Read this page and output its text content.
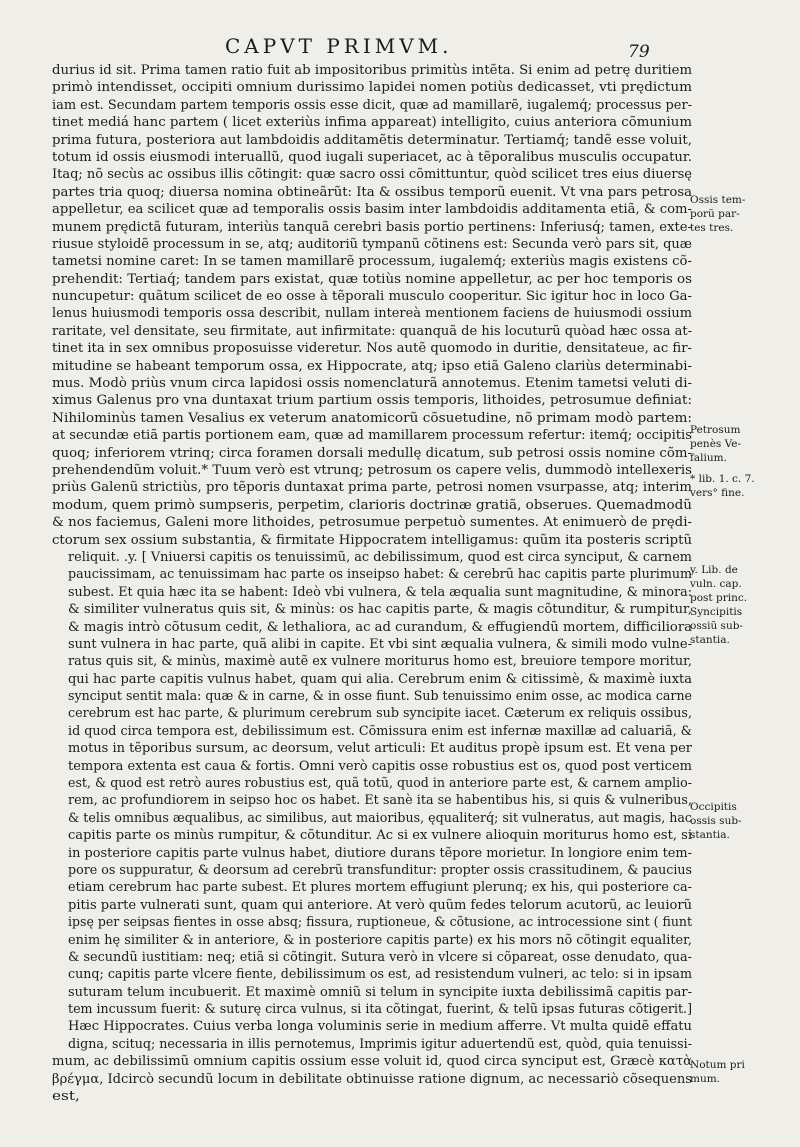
CAPVT PRIMVM.	79
durius id sit. Prima tamen ratio fuit ab impositoribus primitùs intẽta. Si enim ad petrę duritiem
primò intendisset, occipiti omnium durissimo lapidei nomen potiùs dedicasset, vti prędictum
iam est. Secundam partem temporis ossis esse dicit, quæ ad mamillarẽ, iugalemq́; processus per-
tinet mediá hanc partem ( licet exteriùs infima appareat) intelligito, cuius anteriora cõmunium
prima futura, posteriora aut lambdoidis additamẽtis determinatur. Tertiamq́; tandẽ esse voluit,
totum id ossis eiusmodi interuallũ, quod iugali superiacet, ac à tẽporalibus musculis occupatur.
Itaq; nõ secùs ac ossibus illis cõtingit: quæ sacro ossi cõmittuntur, quòd scilicet tres eius diuersę
partes tria quoq; diuersa nomina obtineãrũt: Ita & ossibus temporũ euenit. Vt vna pars petrosa
appelletur, ea scilicet quæ ad temporalis ossis basim inter lambdoidis additamenta etiã, & com-
munem prędictã futuram, interiùs tanquã cerebri basis portio pertinens: Inferiusq́; tamen, exte-
riusue styloidẽ processum in se, atq; auditoriũ tympanũ cõtinens est: Secunda verò pars sit, quæ
tametsi nomine caret: In se tamen mamillarẽ processum, iugalemq́; exteriùs magis existens cõ-
prehendit: Tertiaq́; tandem pars existat, quæ totiùs nomine appelletur, ac per hoc temporis os
nuncupetur: quãtum scilicet de eo osse à tẽporali musculo cooperitur. Sic igitur hoc in loco Ga-
lenus huiusmodi temporis ossa describit, nullam intereà mentionem faciens de huiusmodi ossium
raritate, vel densitate, seu firmitate, aut infirmitate: quanquã de his locuturũ quòad hæc ossa at-
tinet ita in sex omnibus proposuisse videretur. Nos autẽ quomodo in duritie, densitateue, ac fir-
mitudine se habeant temporum ossa, ex Hippocrate, atq; ipso etiã Galeno clariùs determinabi-
mus. Modò priùs vnum circa lapidosi ossis nomenclaturã annotemus. Etenim tametsi veluti di-
ximus Galenus pro vna duntaxat trium partium ossis temporis, lithoides, petrosumue definiat:
Nihilominùs tamen Vesalius ex veterum anatomicorũ cõsuetudine, nõ primam modò partem:
at secundæ etiã partis portionem eam, quæ ad mamillarem processum refertur: itemq́; occipitis
quoq; inferiorem vtrinq; circa foramen dorsali medullę dicatum, sub petrosi ossis nomine cõm-
prehendendũm voluit.* Tuum verò est vtrunq; petrosum os capere velis, dummodò intellexeris
priùs Galenũ strictiùs, pro tẽporis duntaxat prima parte, petrosi nomen vsurpasse, atq; interim
modum, quem primò sumpseris, perpetim, clarioris doctrinæ gratiã, obserues. Quemadmodũ
& nos faciemus, Galeni more lithoides, petrosumue perpetuò sumentes. At enimuerò de prędi-
ctorum sex ossium substantia, & firmitate Hippocratem intelligamus: quũm ita posteris scriptũ
„ reliquit. .y. [ Vniuersi capitis os tenuissimũ, ac debilissimum, quod est circa synciput, & carnem
„ paucissimam, ac tenuissimam hac parte os inseipso habet: & cerebrũ hac capitis parte plurimum
„ subest. Et quia hæc ita se habent: Ideò vbi vulnera, & tela æqualia sunt magnitudine, & minora:
„ & similiter vulneratus quis sit, & minùs: os hac capitis parte, & magis cõtunditur, & rumpitur,
„ & magis intrò cõtusum cedit, & lethaliora, ac ad curandum, & effugiendũ mortem, difficiliora
„ sunt vulnera in hac parte, quã alibi in capite. Et vbi sint æqualia vulnera, & simili modo vulne-
„ ratus quis sit, & minùs, maximè autẽ ex vulnere moriturus homo est, breuiore tempore moritur,
„ qui hac parte capitis vulnus habet, quam qui alia. Cerebrum enim & citissimè, & maximè iuxta
„ synciput sentit mala: quæ & in carne, & in osse fiunt. Sub tenuissimo enim osse, ac modica carne
„ cerebrum est hac parte, & plurimum cerebrum sub syncipite iacet. Cæterum ex reliquis ossibus,
„ id quod circa tempora est, debilissimum est. Cõmissura enim est infernæ maxillæ ad caluariã, &
„ motus in tẽporibus sursum, ac deorsum, velut articuli: Et auditus propè ipsum est. Et vena per
„ tempora extenta est caua & fortis. Omni verò capitis osse robustius est os, quod post verticem
„ est, & quod est retrò aures robustius est, quã totũ, quod in anteriore parte est, & carnem amplio-
„ rem, ac profundiorem in seipso hoc os habet. Et sanè ita se habentibus his, si quis & vulneribus,
„ & telis omnibus æqualibus, ac similibus, aut maioribus, ęqualiterq́; sit vulneratus, aut magis, hac
„ capitis parte os minùs rumpitur, & cõtunditur. Ac si ex vulnere alioquin moriturus homo est, si
„ in posteriore capitis parte vulnus habet, diutiore durans tẽpore morietur. In longiore enim tem-
„ pore os suppuratur, & deorsum ad cerebrũ transfunditur: propter ossis crassitudinem, & paucius
„ etiam cerebrum hac parte subest. Et plures mortem effugiunt plerunq; ex his, qui posteriore ca-
„ pitis parte vulnerati sunt, quam qui anteriore. At verò quũm fedes telorum acutorũ, ac leuiorũ
„ ipsę per seipsas fientes in osse absq; fissura, ruptioneue, & cõtusione, ac introcessione sint ( fiunt
„ enim hę similiter & in anteriore, & in posteriore capitis parte) ex his mors nõ cõtingit equaliter,
„ & secundũ iustitiam: neq; etiã si cõtingit. Sutura verò in vlcere si cõpareat, osse denudato, qua-
„ cunq; capitis parte vlcere fiente, debilissimum os est, ad resistendum vulneri, ac telo: si in ipsam
„ suturam telum incubuerit. Et maximè omniũ si telum in syncipite iuxta debilissimã capitis par-
„ tem incussum fuerit: & suturę circa vulnus, si ita cõtingat, fuerint, & telũ ipsas futuras cõtigerit.]
„ Hæc Hippocrates. Cuius verba longa voluminis serie in medium afferre. Vt multa quidẽ effatu
„ digna, scituq; necessaria in illis pernotemus, Imprimis igitur aduertendũ est, quòd, quia tenuissi-
mum, ac debilissimũ omnium capitis ossium esse voluit id, quod circa synciput est, Græcè κατὰ
βρέγμα, Idcircò secundũ locum in debilitate obtinuisse ratione dignum, ac necessariò cõsequens
est,
Ossis tem-
porũ par-
tes tres.
Petrosum
penès Ve-
falium.
* lib. 1. c. 7.
vers° fine.
y. Lib. de
vuln. cap.
post princ.
Syncipitis
ossiũ sub-
stantia.
Occipitis
ossis sub-
stantia.
Notum pri
mum.
